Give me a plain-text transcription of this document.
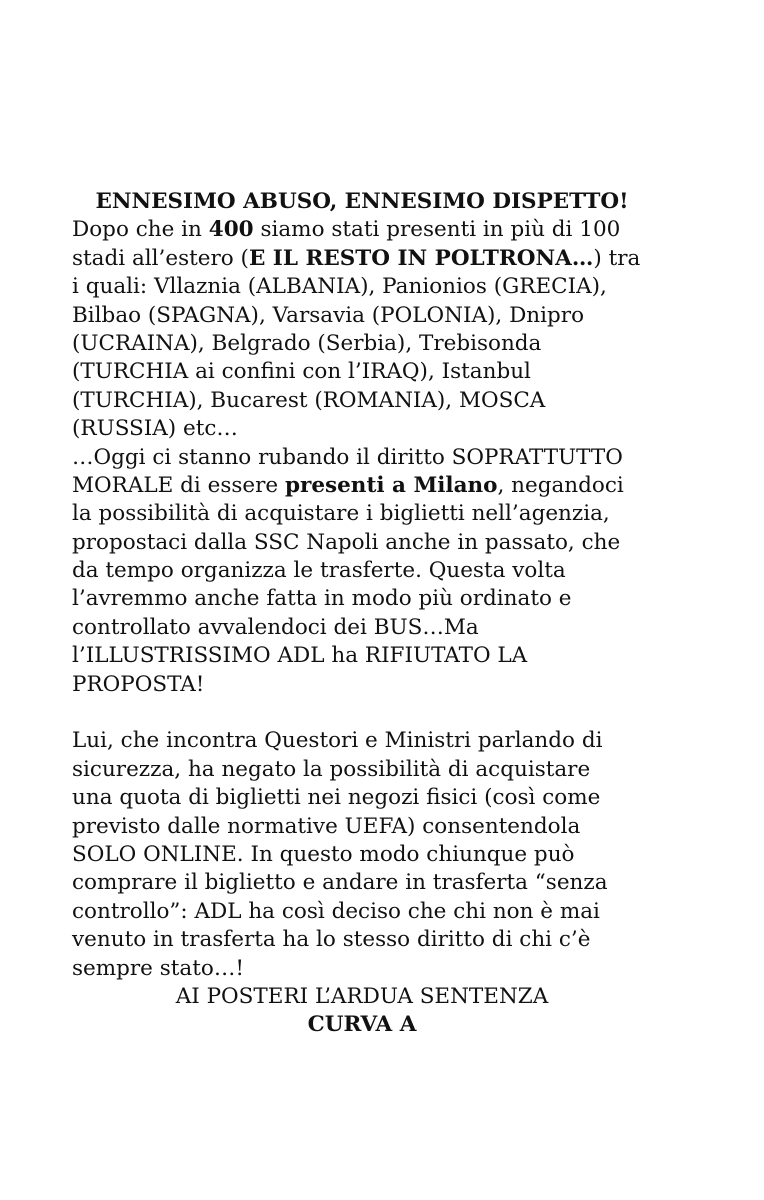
ENNESIMO ABUSO, ENNESIMO DISPETTO!
Dopo che in 400 siamo stati presenti in più di 100
stadi all’estero (E IL RESTO IN POLTRONA…) tra
i quali: Vllaznia (ALBANIA), Panionios (GRECIA),
Bilbao (SPAGNA), Varsavia (POLONIA), Dnipro
(UCRAINA), Belgrado (Serbia), Trebisonda
(TURCHIA ai confini con l’IRAQ), Istanbul
(TURCHIA), Bucarest (ROMANIA), MOSCA
(RUSSIA) etc…
…Oggi ci stanno rubando il diritto SOPRATTUTTO
MORALE di essere presenti a Milano, negandoci
la possibilità di acquistare i biglietti nell’agenzia,
propostaci dalla SSC Napoli anche in passato, che
da tempo organizza le trasferte. Questa volta
l’avremmo anche fatta in modo più ordinato e
controllato avvalendoci dei BUS…Ma
l’ILLUSTRISSIMO ADL ha RIFIUTATO LA
PROPOSTA!
Lui, che incontra Questori e Ministri parlando di
sicurezza, ha negato la possibilità di acquistare
una quota di biglietti nei negozi fisici (così come
previsto dalle normative UEFA) consentendola
SOLO ONLINE. In questo modo chiunque può
comprare il biglietto e andare in trasferta “senza
controllo”: ADL ha così deciso che chi non è mai
venuto in trasferta ha lo stesso diritto di chi c’è
sempre stato…!
AI POSTERI L’ARDUA SENTENZA
CURVA A
